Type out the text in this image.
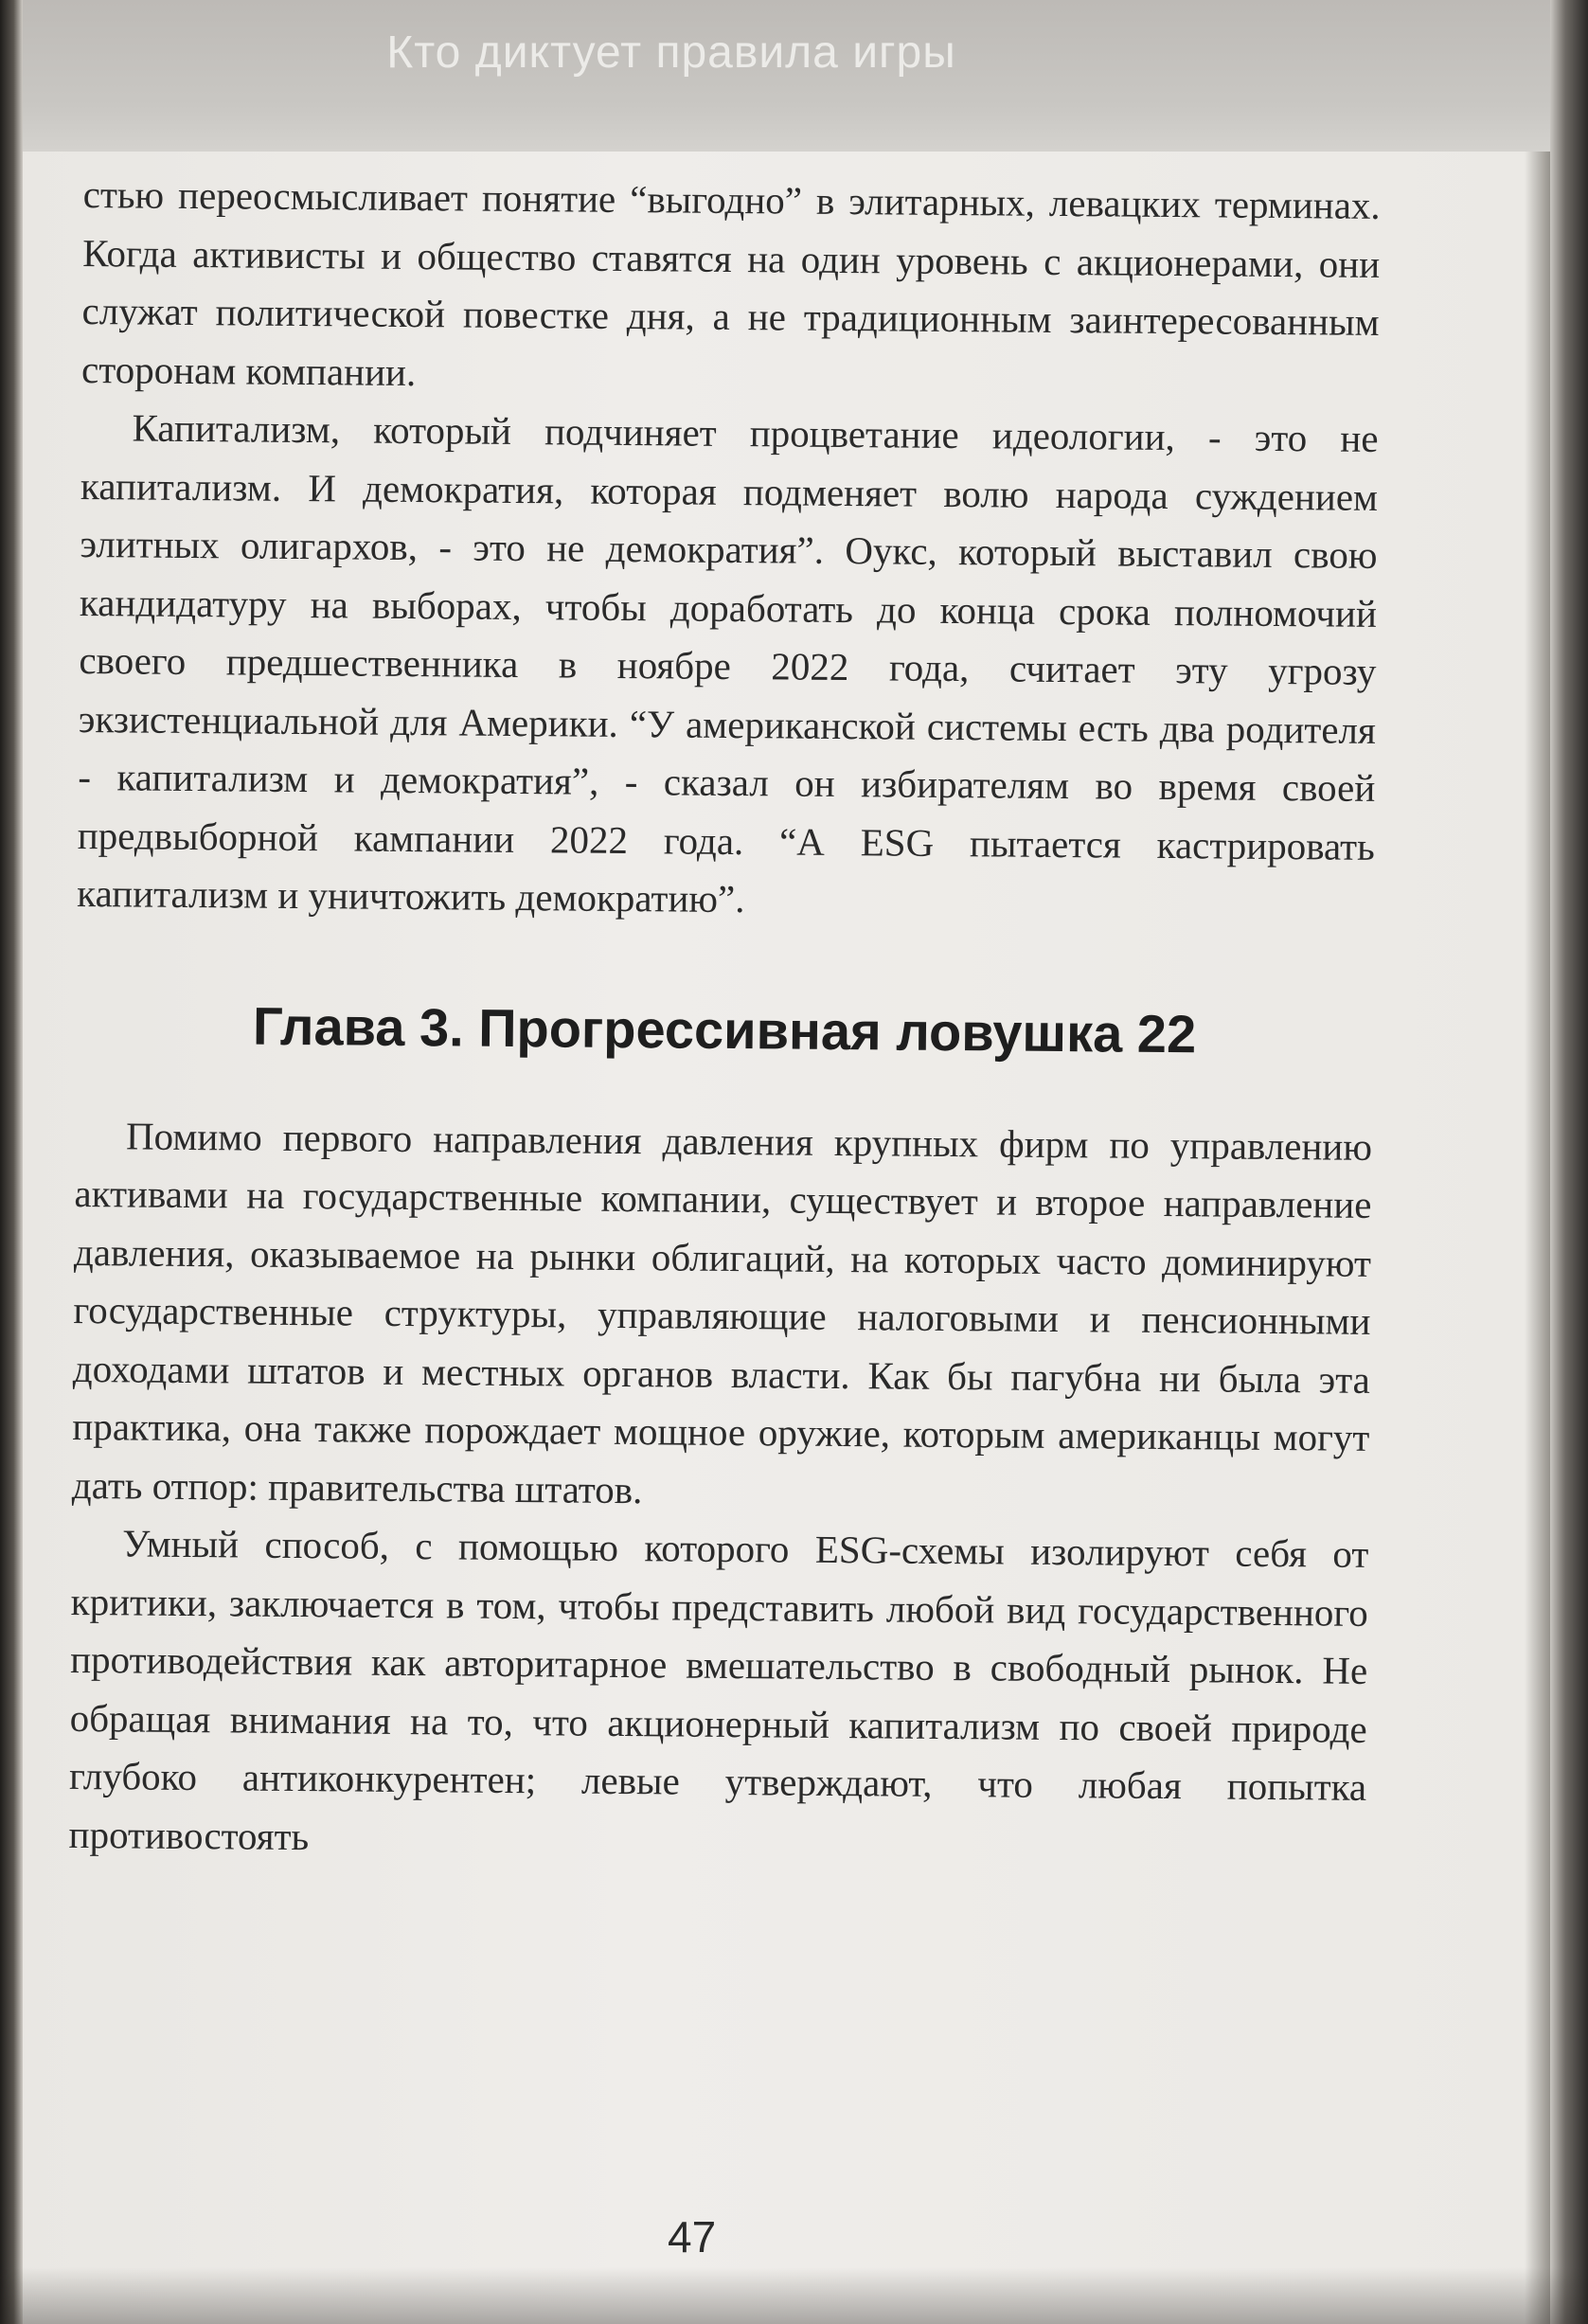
Кто диктует правила игры

стью переосмысливает понятие “выгодно” в элитарных, левацких терминах. Когда активисты и общество ставятся на один уровень с акционерами, они служат политической повестке дня, а не традиционным заинтересованным сторонам компании.

Капитализм, который подчиняет процветание идеологии, - это не капитализм. И демократия, которая подменяет волю народа суждением элитных олигархов, - это не демократия”. Оукс, который выставил свою кандидатуру на выборах, чтобы доработать до конца срока полномочий своего предшественника в ноябре 2022 года, считает эту угрозу экзистенциальной для Америки. “У американской системы есть два родителя - капитализм и демократия”, - сказал он избирателям во время своей предвыборной кампании 2022 года. “А ESG пытается кастрировать капитализм и уничтожить демократию”.

Глава 3. Прогрессивная ловушка 22

Помимо первого направления давления крупных фирм по управлению активами на государственные компании, существует и второе направление давления, оказываемое на рынки облигаций, на которых часто доминируют государственные структуры, управляющие налоговыми и пенсионными доходами штатов и местных органов власти. Как бы пагубна ни была эта практика, она также порождает мощное оружие, которым американцы могут дать отпор: правительства штатов.

Умный способ, с помощью которого ESG-схемы изолируют себя от критики, заключается в том, чтобы представить любой вид государственного противодействия как авторитарное вмешательство в свободный рынок. Не обращая внимания на то, что акционерный капитализм по своей природе глубоко антиконкурентен; левые утверждают, что любая попытка противостоять

47
